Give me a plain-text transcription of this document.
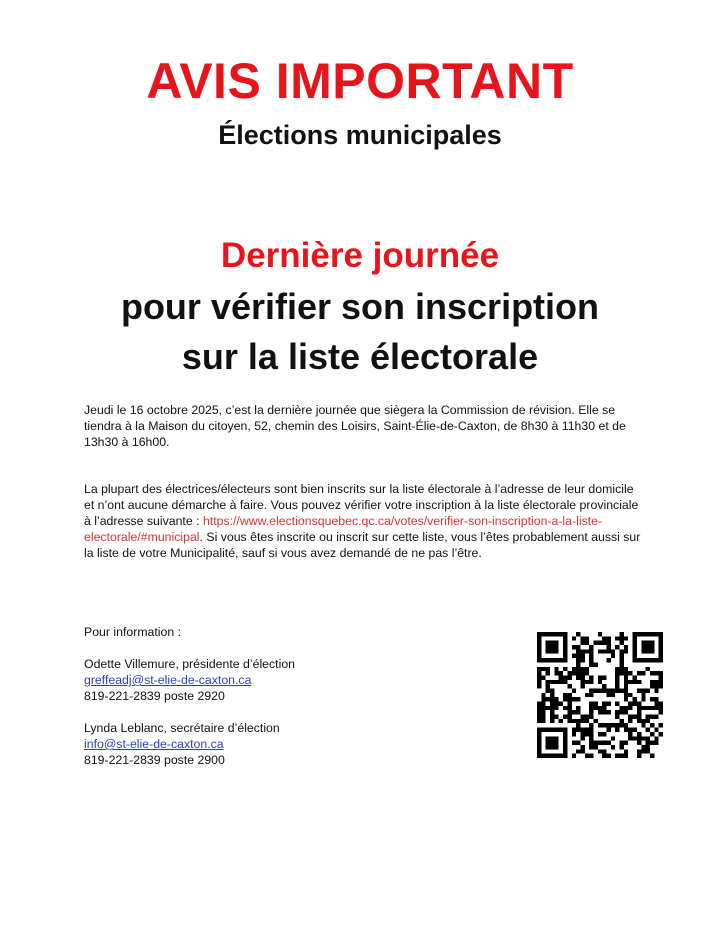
AVIS IMPORTANT
Élections municipales
Dernière journée
pour vérifier son inscription
sur la liste électorale
Jeudi le 16 octobre 2025, c’est la dernière journée que siègera la Commission de révision. Elle se tiendra à la Maison du citoyen, 52, chemin des Loisirs, Saint-Élie-de-Caxton, de 8h30 à 11h30 et de 13h30 à 16h00.
La plupart des électrices/électeurs sont bien inscrits sur la liste électorale à l’adresse de leur domicile et n’ont aucune démarche à faire. Vous pouvez vérifier votre inscription à la liste électorale provinciale à l’adresse suivante : https://www.electionsquebec.qc.ca/votes/verifier-son-inscription-a-la-liste-electorale/#municipal. Si vous êtes inscrite ou inscrit sur cette liste, vous l’êtes probablement aussi sur la liste de votre Municipalité, sauf si vous avez demandé de ne pas l’être.
Pour information :
Odette Villemure, présidente d’élection
greffeadj@st-elie-de-caxton.ca
819-221-2839 poste 2920
Lynda Leblanc, secrétaire d’élection
info@st-elie-de-caxton.ca
819-221-2839 poste 2900
